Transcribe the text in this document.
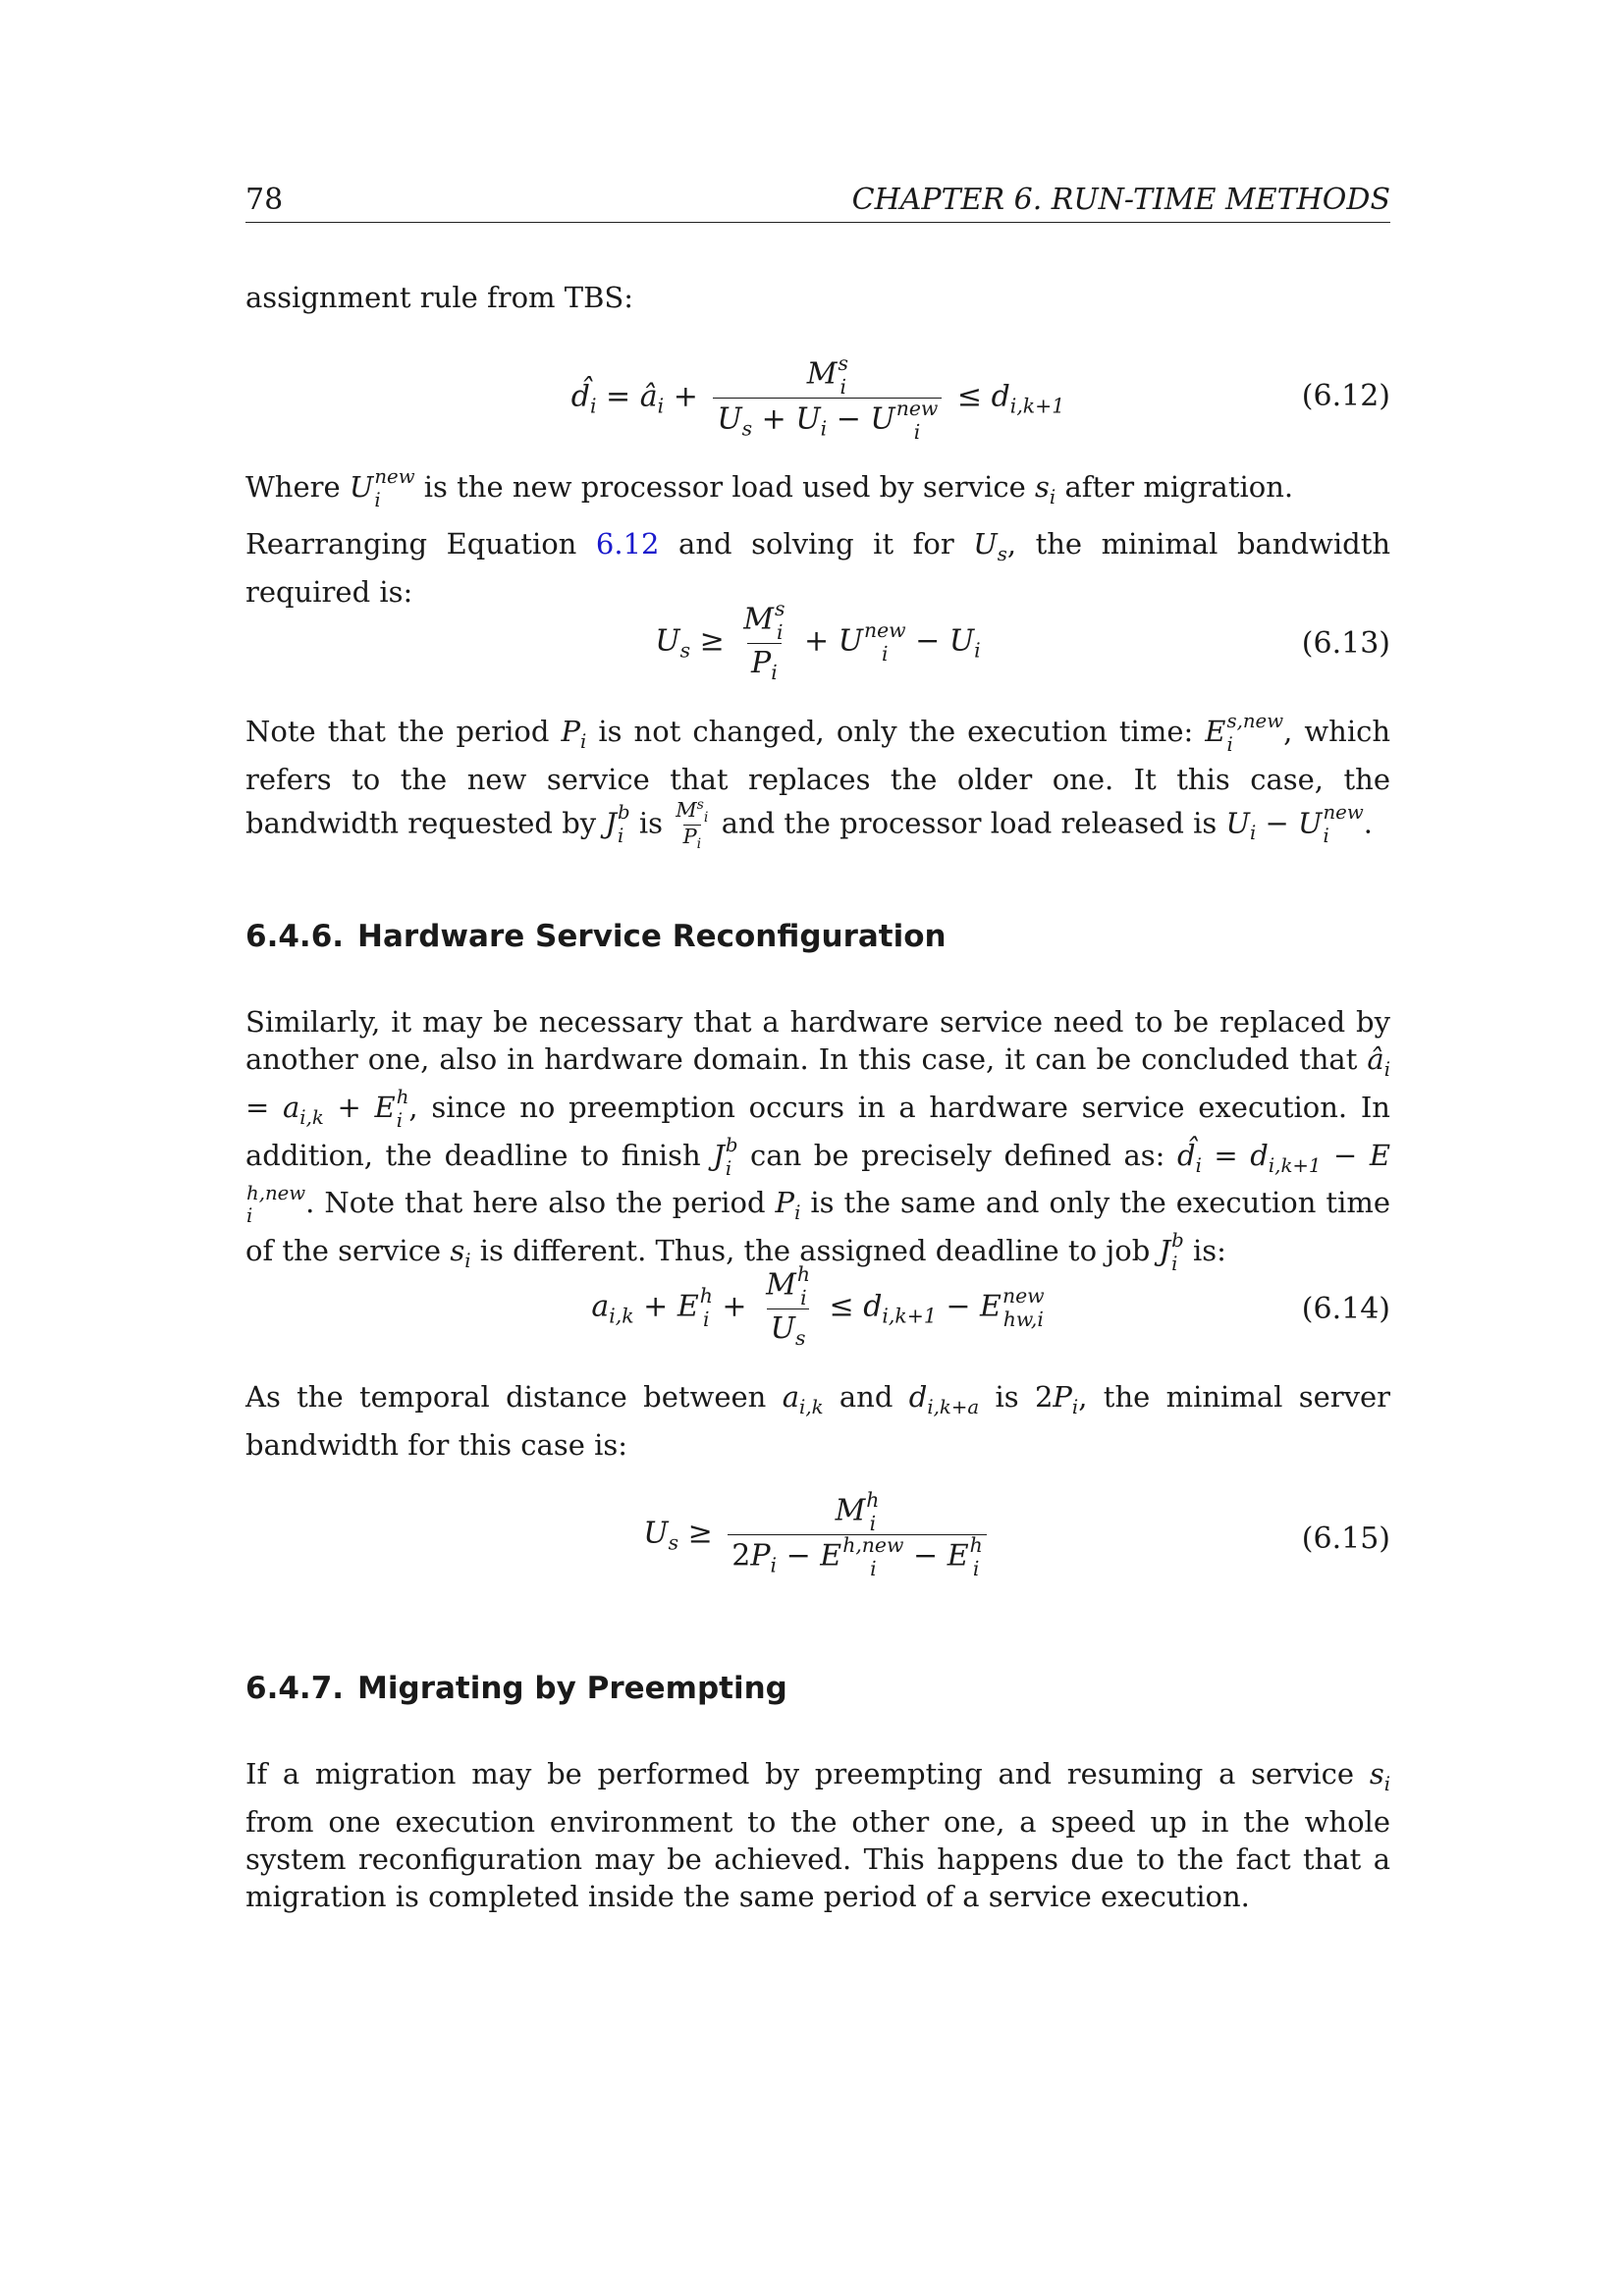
78	CHAPTER 6. RUN-TIME METHODS

assignment rule from TBS:

$d̂_i$ = $â_i + M$ s
i
$U_s + U_i - U$ new
$i \le d_{i,k+1}$	(6.12)

Where U new
i	is the new processor load used by service $s_i$ after migration.

Rearranging Equation 6.12 and solving it for $U_s$, the minimal bandwidth required is:

$U_s \ge M$ s
i
$P_i + U$ new
$i - U_i$	(6.13)

Note that the period $P_i$ is not changed, only the execution time: E s,new
i	, which refers to the new service that replaces the older one. It this case, the bandwidth requested by J b
i is $M^s_i$
$P_i$
and the processor load released is $U_i - U$ new
i	.

6.4.6. Hardware Service Reconfiguration

Similarly, it may be necessary that a hardware service need to be replaced by another one, also in hardware domain. In this case, it can be concluded that $â_i = a_{i,k} + E$ h
i , since no preemption occurs in a hardware service execution. In addition, the deadline to finish J b
i can be precisely defined as: $d̂_i = d_{i,k+1} - E$
h,new
i	. Note that here also the period $P_i$ is the same and only the execution time of the service $s_i$ is different. Thus, the assigned deadline to job J b
i is:

$a_{i,k} + E$ h
i + M h
i
$U_s \le d_{i,k+1} - E$ new
hw,i	(6.14)

As the temporal distance between $a_{i,k}$ and $d_{i,k+a}$ is $2P_i$, the minimal server bandwidth for this case is:

$U_s \ge M$ h
i
$2P_i - E$ h,new
i − E h
i	(6.15)
6.4.7. Migrating by Preempting

If a migration may be performed by preempting and resuming a service $s_i$ from one execution environment to the other one, a speed up in the whole system reconfiguration may be achieved. This happens due to the fact that a migration is completed inside the same period of a service execution.
